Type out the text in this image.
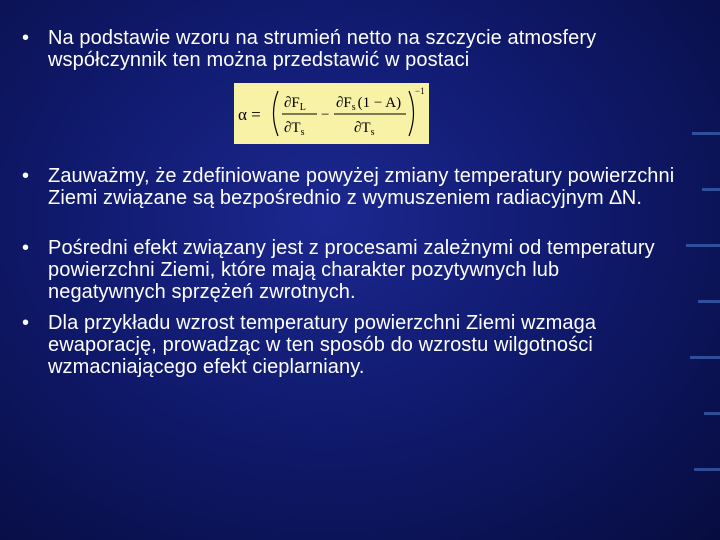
• Na podstawie wzoru na strumień netto na szczycie atmosfery współczynnik ten można przedstawić w postaci
α =
$\partial F_L$
$\partial T_s$
−
$\partial F_s$ (1 − A)
$\partial T_s$
−1
• Zauważmy, że zdefiniowane powyżej zmiany temperatury powierzchni Ziemi związane są bezpośrednio z wymuszeniem radiacyjnym ∆N.
• Pośredni efekt związany jest z procesami zależnymi od temperatury powierzchni Ziemi, które mają charakter pozytywnych lub negatywnych sprzężeń zwrotnych.
• Dla przykładu wzrost temperatury powierzchni Ziemi wzmaga ewaporację, prowadząc w ten sposób do wzrostu wilgotności wzmacniającego efekt cieplarniany.
